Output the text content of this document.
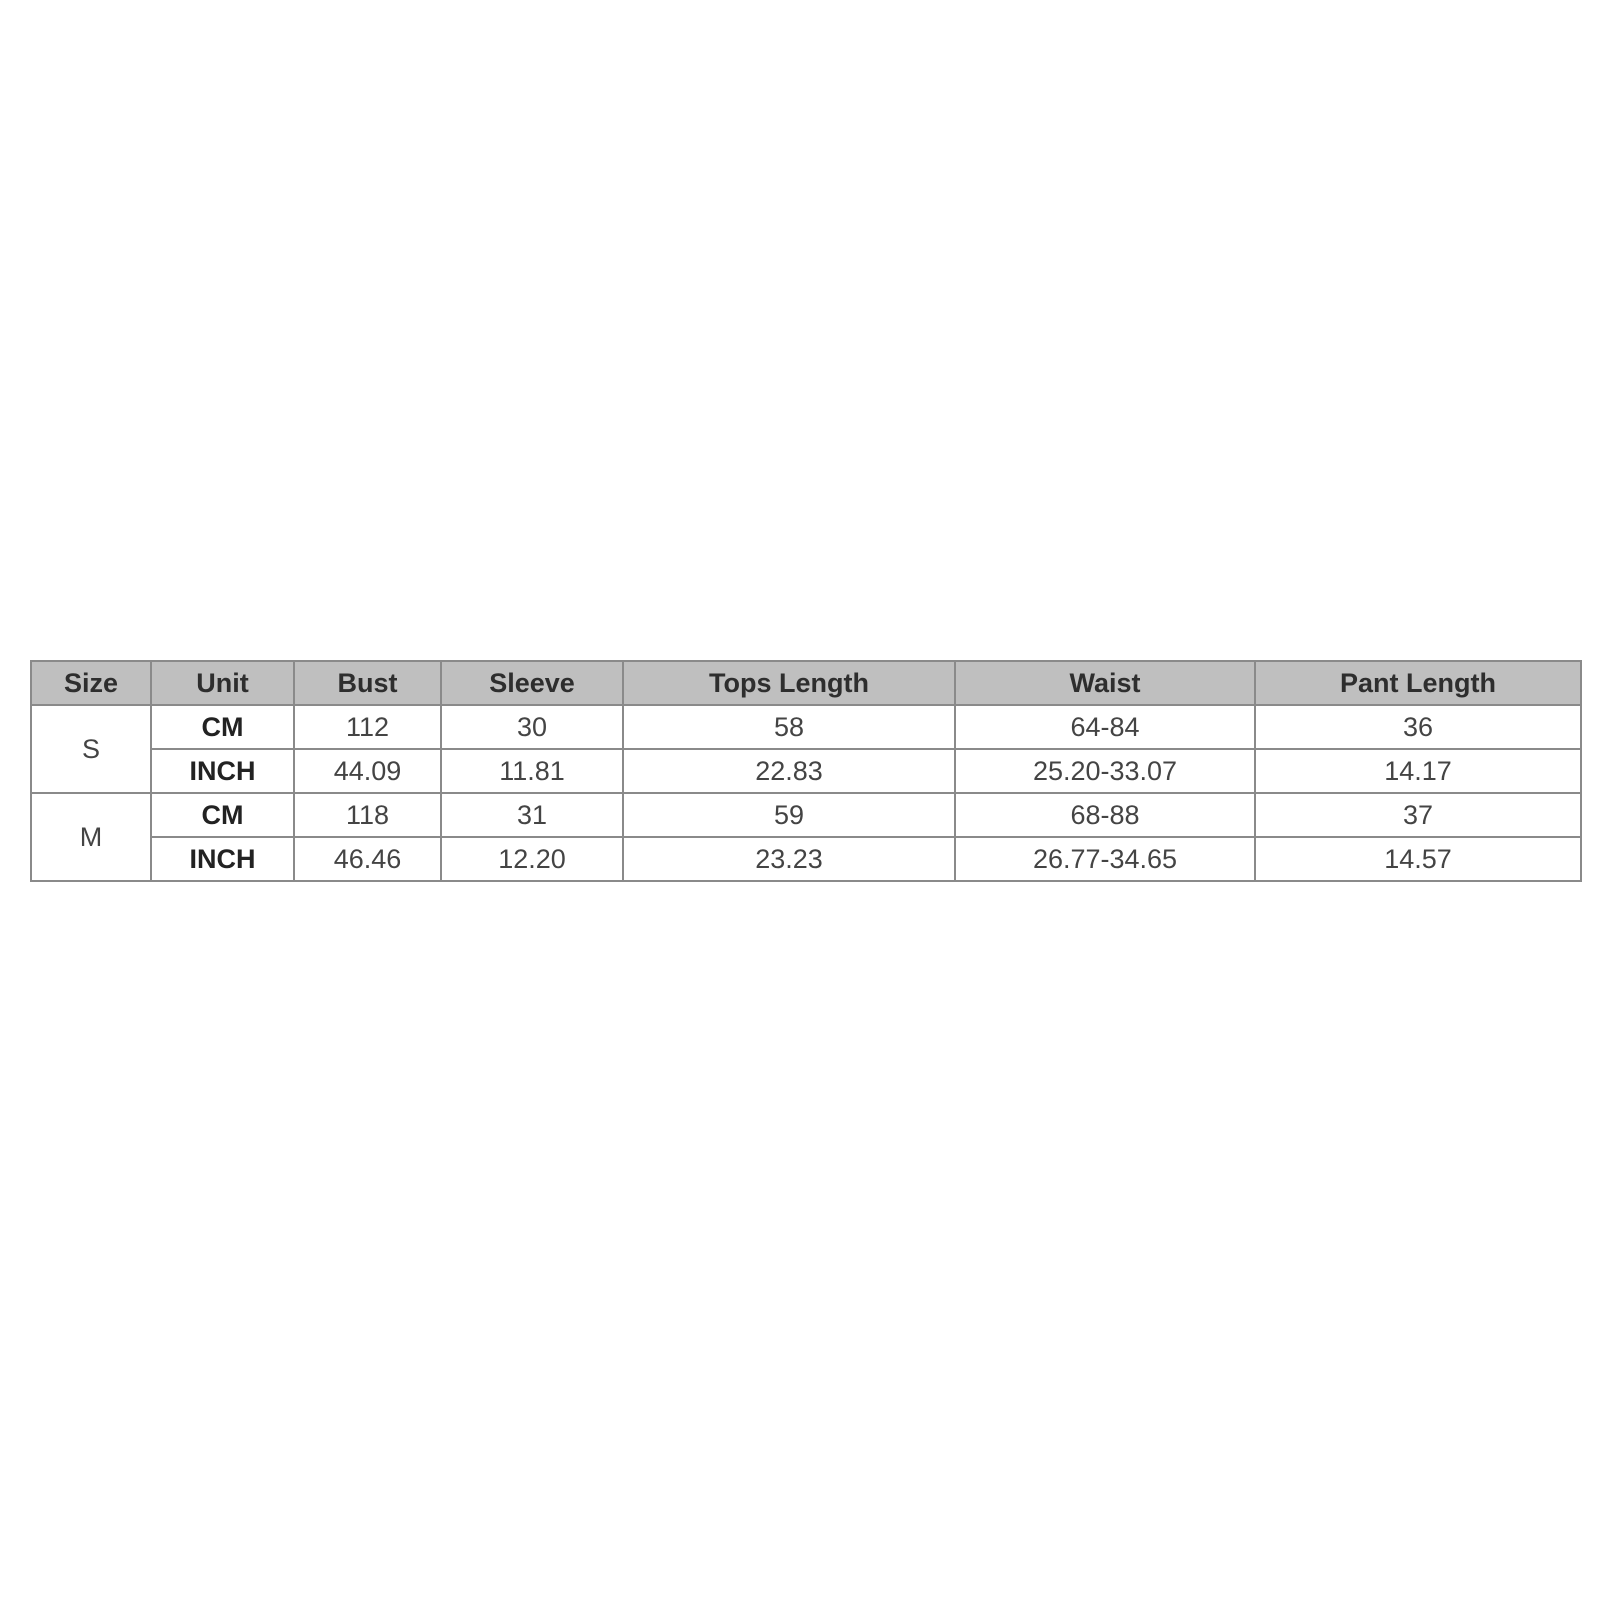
Size	Unit	Bust	Sleeve	Tops Length	Waist	Pant Length
S	CM	112	30	58	64-84	36
	INCH	44.09	11.81	22.83	25.20-33.07	14.17
M	CM	118	31	59	68-88	37
	INCH	46.46	12.20	23.23	26.77-34.65	14.57
